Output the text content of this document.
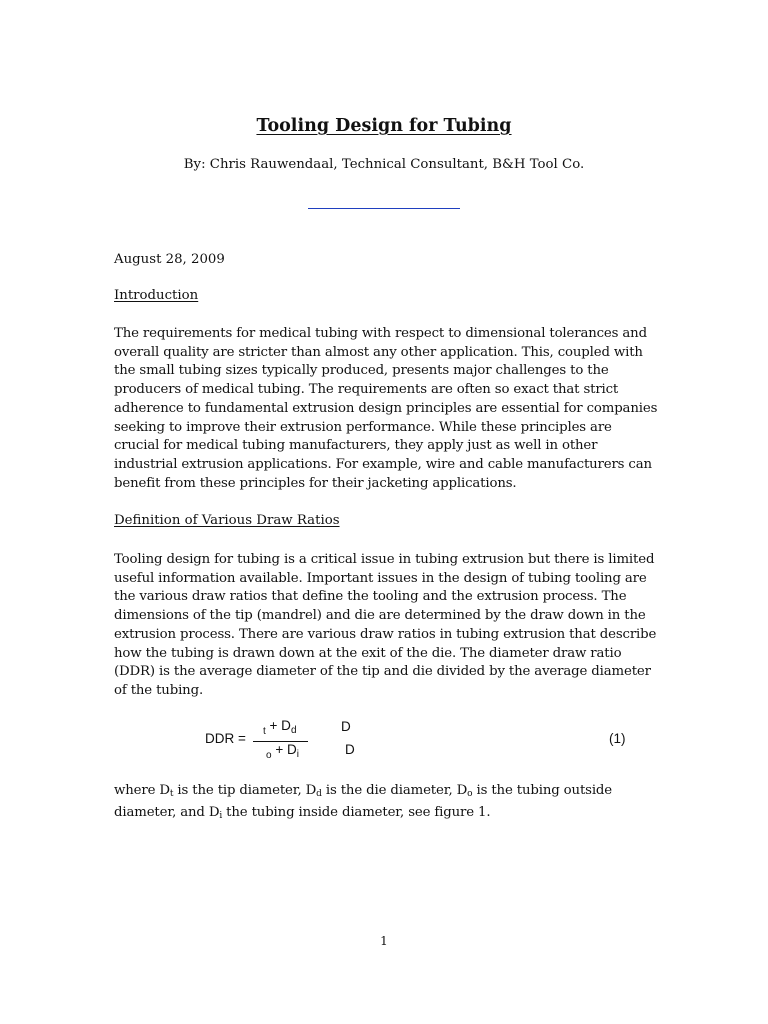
Tooling Design for Tubing
By: Chris Rauwendaal, Technical Consultant, B&H Tool Co.
August 28, 2009
Introduction
The requirements for medical tubing with respect to dimensional tolerances and
overall quality are stricter than almost any other application. This, coupled with
the small tubing sizes typically produced, presents major challenges to the
producers of medical tubing. The requirements are often so exact that strict
adherence to fundamental extrusion design principles are essential for companies
seeking to improve their extrusion performance. While these principles are
crucial for medical tubing manufacturers, they apply just as well in other
industrial extrusion applications. For example, wire and cable manufacturers can
benefit from these principles for their jacketing applications.
Definition of Various Draw Ratios
Tooling design for tubing is a critical issue in tubing extrusion but there is limited
useful information available. Important issues in the design of tubing tooling are
the various draw ratios that define the tooling and the extrusion process. The
dimensions of the tip (mandrel) and die are determined by the draw down in the
extrusion process. There are various draw ratios in tubing extrusion that describe
how the tubing is drawn down at the exit of the die. The diameter draw ratio
(DDR) is the average diameter of the tip and die divided by the average diameter
of the tubing.
DDR = $_t + D_d$	D
$_o + D_i$	D
(1)
where $D_t$ is the tip diameter, $D_d$ is the die diameter, $D_o$ is the tubing outside
diameter, and $D_i$ the tubing inside diameter, see figure 1.
1
